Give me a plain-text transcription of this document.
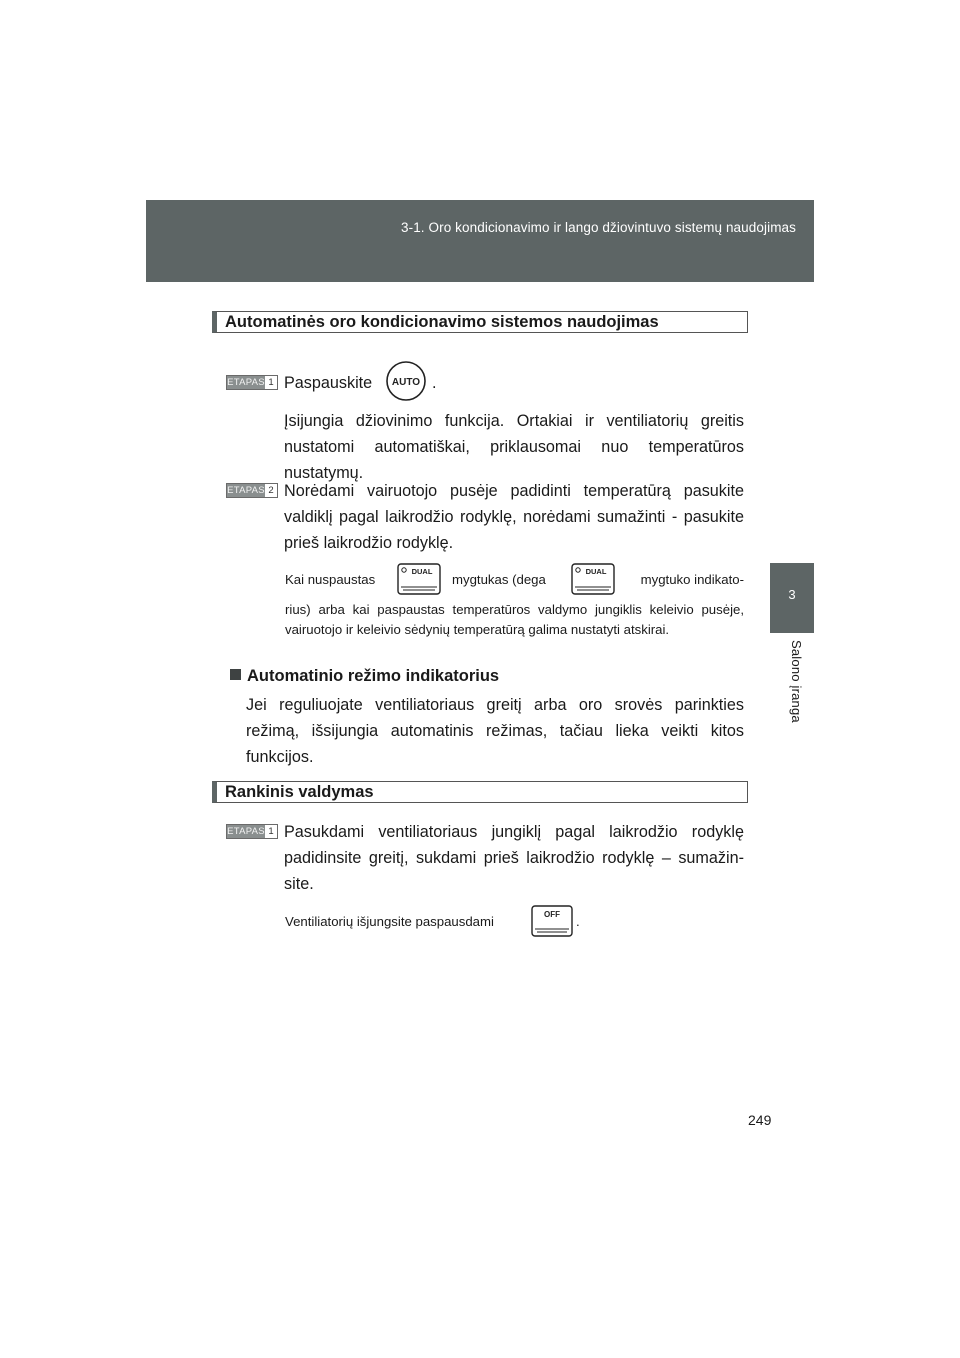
3-1. Oro kondicionavimo ir lango džiovintuvo sistemų naudojimas
3
Salono įranga
Automatinės oro kondicionavimo sistemos naudojimas
ETAPAS 1 Paspauskite	AUTO .
Įsijungia džiovinimo funkcija. Ortakiai ir ventiliatorių greitis nustatomi automatiškai, priklausomai nuo temperatūros nustatymų.
ETAPAS 2 Norėdami vairuotojo pusėje padidinti temperatūrą pasukite valdiklį pagal laikrodžio rodyklę, norėdami sumažinti - pasukite prieš laikrodžio rodyklę.
Kai nuspaustas
DUAL
mygtukas (dega
DUAL
mygtuko indikato-
rius) arba kai paspaustas temperatūros valdymo jungiklis keleivio pusėje, vairuotojo ir keleivio sėdynių temperatūrą galima nustatyti atskirai.
Automatinio režimo indikatorius
Jei reguliuojate ventiliatoriaus greitį arba oro srovės parinkties režimą, išsijungia automatinis režimas, tačiau lieka veikti kitos funkcijos.
Rankinis valdymas
ETAPAS 1 Pasukdami ventiliatoriaus jungiklį pagal laikrodžio rodyklę padidinsite greitį, sukdami prieš laikrodžio rodyklę – sumažinsite.
Ventiliatorių išjungsite paspausdami	OFF .
249
